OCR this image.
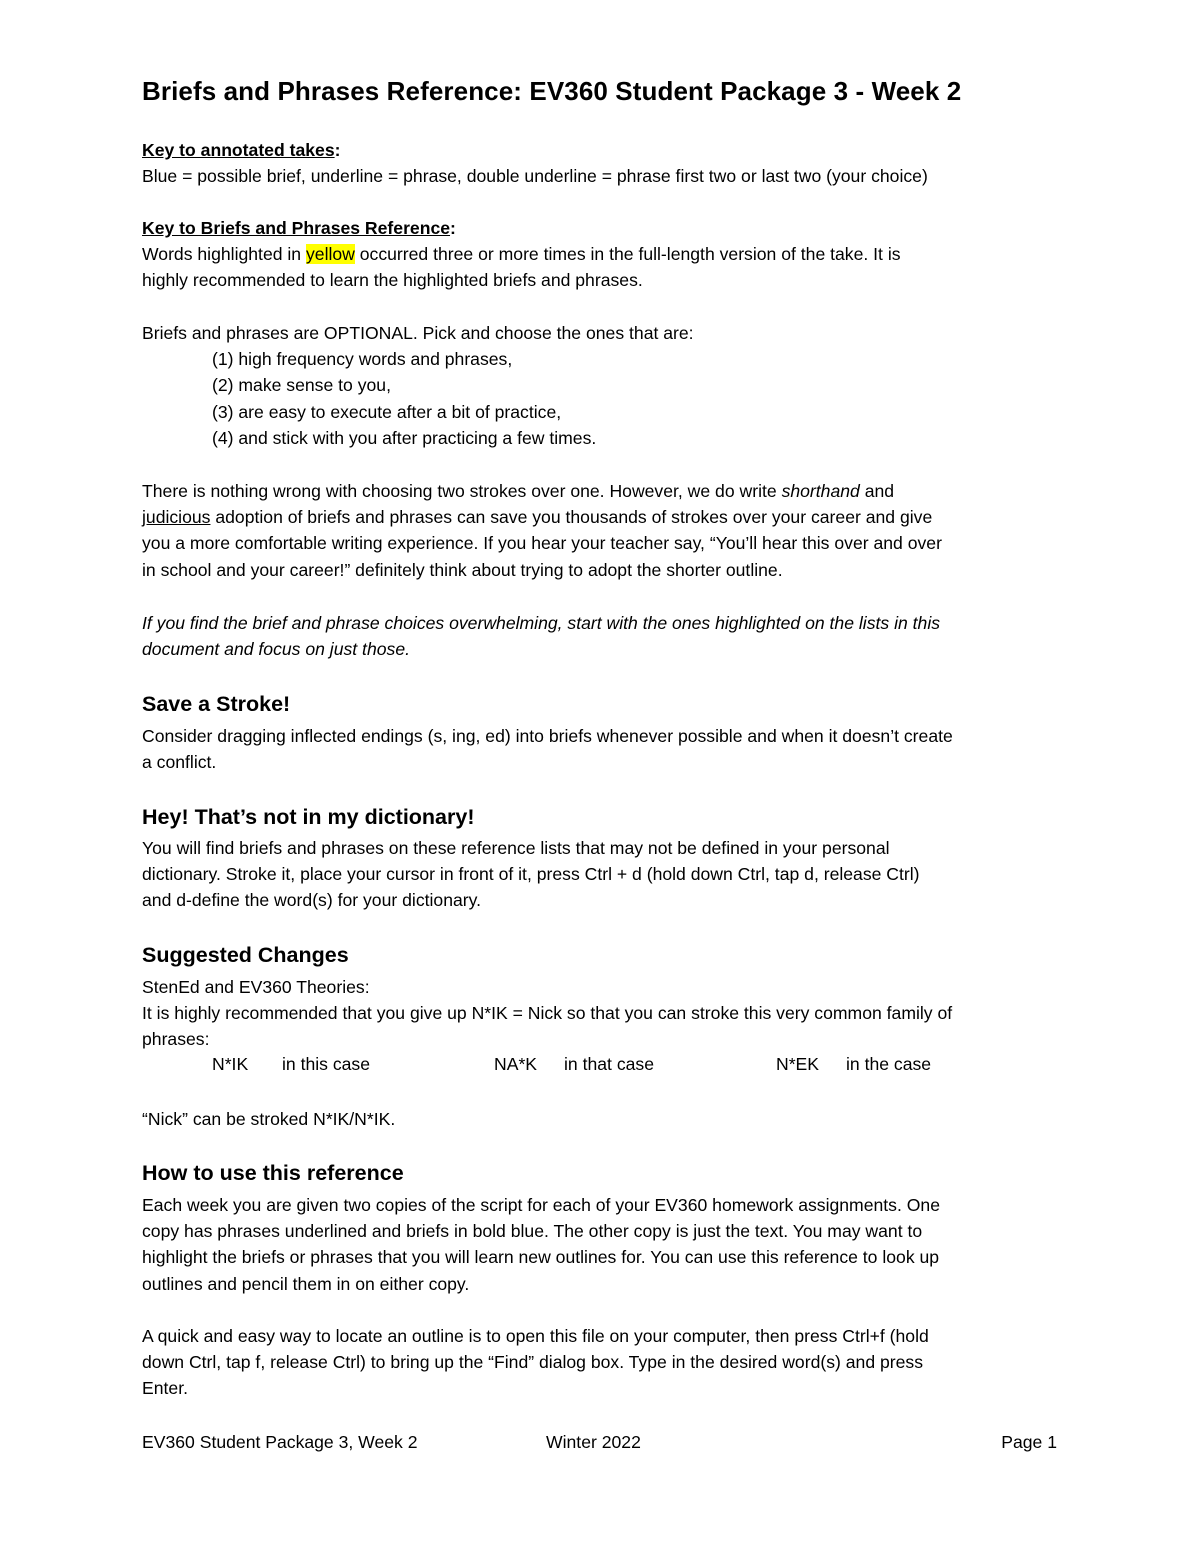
Briefs and Phrases Reference: EV360 Student Package 3 - Week 2
Key to annotated takes:
Blue = possible brief, underline = phrase, double underline = phrase first two or last two (your choice)
Key to Briefs and Phrases Reference:
Words highlighted in yellow occurred three or more times in the full-length version of the take. It is
highly recommended to learn the highlighted briefs and phrases.
Briefs and phrases are OPTIONAL. Pick and choose the ones that are:
(1) high frequency words and phrases,
(2) make sense to you,
(3) are easy to execute after a bit of practice,
(4) and stick with you after practicing a few times.
There is nothing wrong with choosing two strokes over one. However, we do write shorthand and
judicious adoption of briefs and phrases can save you thousands of strokes over your career and give
you a more comfortable writing experience. If you hear your teacher say, “You’ll hear this over and over
in school and your career!” definitely think about trying to adopt the shorter outline.
If you find the brief and phrase choices overwhelming, start with the ones highlighted on the lists in this
document and focus on just those.
Save a Stroke!
Consider dragging inflected endings (s, ing, ed) into briefs whenever possible and when it doesn’t create
a conflict.
Hey! That’s not in my dictionary!
You will find briefs and phrases on these reference lists that may not be defined in your personal
dictionary. Stroke it, place your cursor in front of it, press Ctrl + d (hold down Ctrl, tap d, release Ctrl)
and d-define the word(s) for your dictionary.
Suggested Changes
StenEd and EV360 Theories:
It is highly recommended that you give up N*IK = Nick so that you can stroke this very common family of
phrases:
N*IK in this case	NA*K in that case	N*EK in the case
“Nick” can be stroked N*IK/N*IK.
How to use this reference
Each week you are given two copies of the script for each of your EV360 homework assignments. One
copy has phrases underlined and briefs in bold blue. The other copy is just the text. You may want to
highlight the briefs or phrases that you will learn new outlines for. You can use this reference to look up
outlines and pencil them in on either copy.
A quick and easy way to locate an outline is to open this file on your computer, then press Ctrl+f (hold
down Ctrl, tap f, release Ctrl) to bring up the “Find” dialog box. Type in the desired word(s) and press
Enter.
EV360 Student Package 3, Week 2	Winter 2022	Page 1
